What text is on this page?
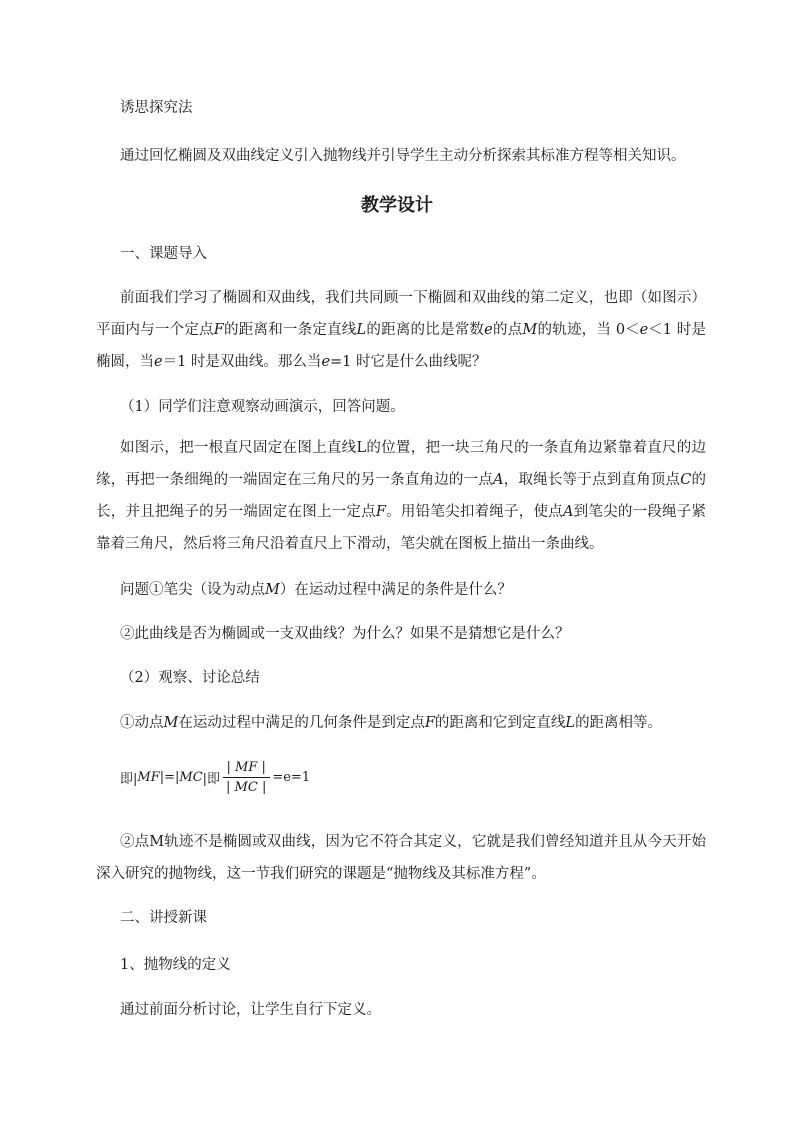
诱思探究法
通过回忆椭圆及双曲线定义引入抛物线并引导学生主动分析探索其标准方程等相关知识。
教学设计
一、课题导入

前面我们学习了椭圆和双曲线，我们共同顾一下椭圆和双曲线的第二定义，也即（如图示）平面内与一个定点F的距离和一条定直线L的距离的比是常数e的点M的轨迹，当 0＜e＜1 时是椭圆，当e＝1 时是双曲线。那么当e=1 时它是什么曲线呢？

（1）同学们注意观察动画演示，回答问题。

如图示，把一根直尺固定在图上直线L的位置，把一块三角尺的一条直角边紧靠着直尺的边缘，再把一条细绳的一端固定在三角尺的另一条直角边的一点A，取绳长等于点到直角顶点C的长，并且把绳子的另一端固定在图上一定点F。用铅笔尖扣着绳子，使点A到笔尖的一段绳子紧靠着三角尺，然后将三角尺沿着直尺上下滑动，笔尖就在图板上描出一条曲线。

问题①笔尖（设为动点M）在运动过程中满足的条件是什么？
②此曲线是否为椭圆或一支双曲线？为什么？如果不是猜想它是什么？
（2）观察、讨论总结
①动点M在运动过程中满足的几何条件是到定点F的距离和它到定直线L的距离相等。
即| MF |=| MC |即 $\frac{| MF |}{| MC |} =e=1$

②点M轨迹不是椭圆或双曲线，因为它不符合其定义，它就是我们曾经知道并且从今天开始深入研究的抛物线，这一节我们研究的课题是“抛物线及其标准方程”。

二、讲授新课
1、抛物线的定义
通过前面分析讨论，让学生自行下定义。
